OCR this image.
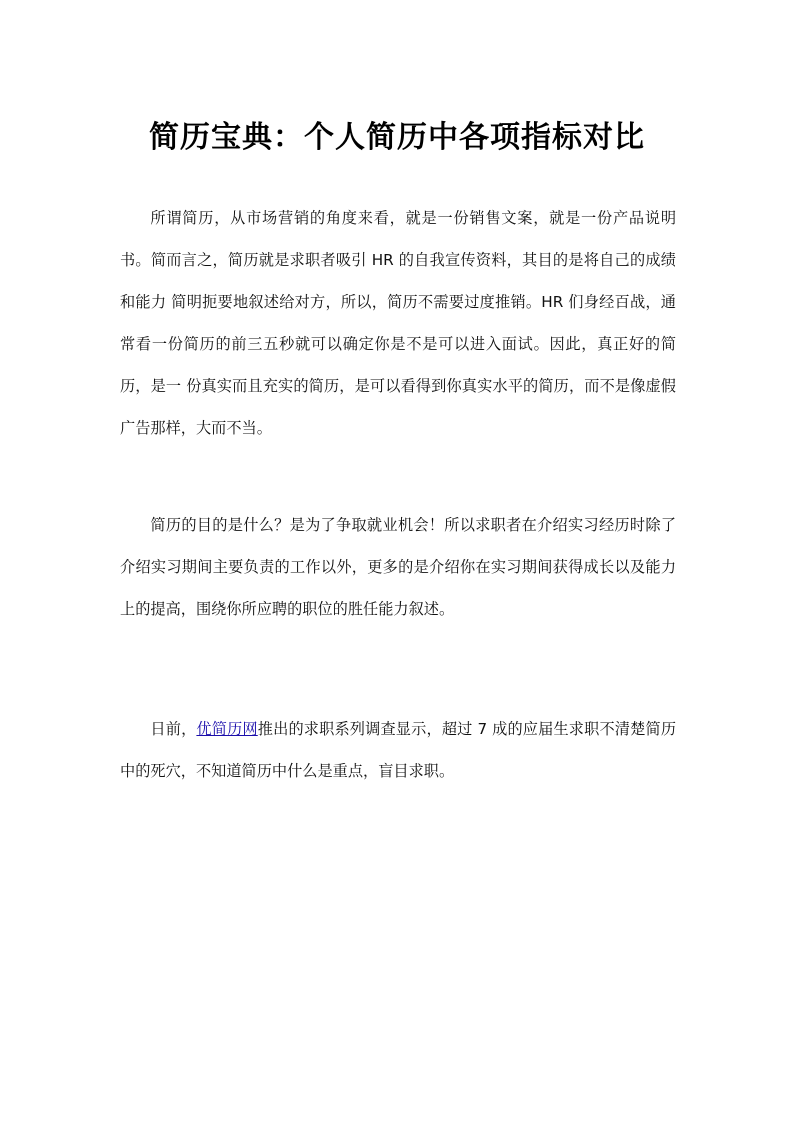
简历宝典：个人简历中各项指标对比

所谓简历，从市场营销的角度来看，就是一份销售文案，就是一份产品说明书。简而言之，简历就是求职者吸引 HR 的自我宣传资料，其目的是将自己的成绩和能力 简明扼要地叙述给对方，所以，简历不需要过度推销。HR 们身经百战，通常看一份简历的前三五秒就可以确定你是不是可以进入面试。因此，真正好的简历，是一 份真实而且充实的简历，是可以看得到你真实水平的简历，而不是像虚假广告那样，大而不当。

简历的目的是什么？是为了争取就业机会！所以求职者在介绍实习经历时除了介绍实习期间主要负责的工作以外，更多的是介绍你在实习期间获得成长以及能力上的提高，围绕你所应聘的职位的胜任能力叙述。

日前，优简历网推出的求职系列调查显示，超过 7 成的应届生求职不清楚简历中的死穴，不知道简历中什么是重点，盲目求职。
